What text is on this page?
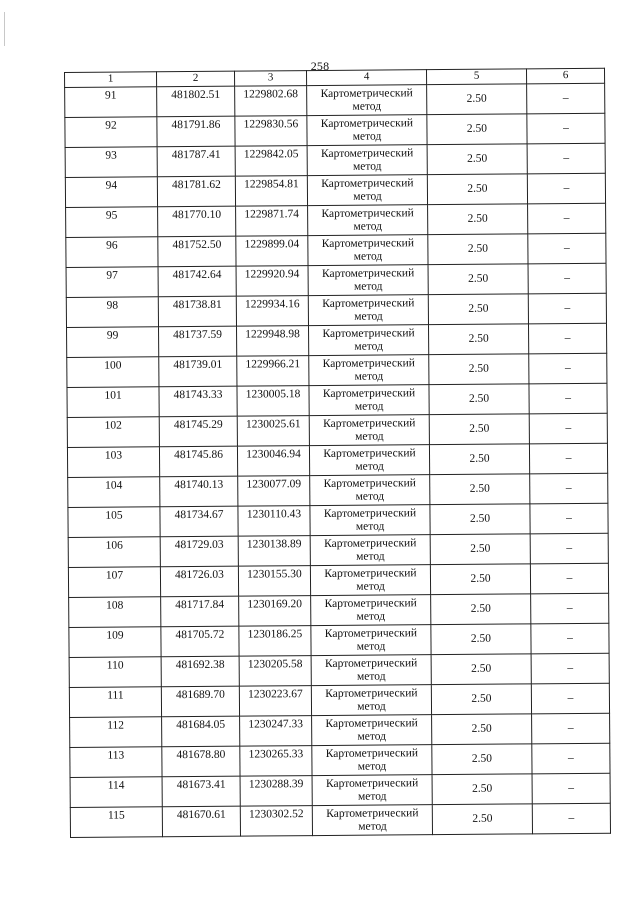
258
1	2	3	4	5	6
91	481802.51	1229802.68	Картометрический метод	2.50	–
92	481791.86	1229830.56	Картометрический метод	2.50	–
93	481787.41	1229842.05	Картометрический метод	2.50	–
94	481781.62	1229854.81	Картометрический метод	2.50	–
95	481770.10	1229871.74	Картометрический метод	2.50	–
96	481752.50	1229899.04	Картометрический метод	2.50	–
97	481742.64	1229920.94	Картометрический метод	2.50	–
98	481738.81	1229934.16	Картометрический метод	2.50	–
99	481737.59	1229948.98	Картометрический метод	2.50	–
100	481739.01	1229966.21	Картометрический метод	2.50	–
101	481743.33	1230005.18	Картометрический метод	2.50	–
102	481745.29	1230025.61	Картометрический метод	2.50	–
103	481745.86	1230046.94	Картометрический метод	2.50	–
104	481740.13	1230077.09	Картометрический метод	2.50	–
105	481734.67	1230110.43	Картометрический метод	2.50	–
106	481729.03	1230138.89	Картометрический метод	2.50	–
107	481726.03	1230155.30	Картометрический метод	2.50	–
108	481717.84	1230169.20	Картометрический метод	2.50	–
109	481705.72	1230186.25	Картометрический метод	2.50	–
110	481692.38	1230205.58	Картометрический метод	2.50	–
111	481689.70	1230223.67	Картометрический метод	2.50	–
112	481684.05	1230247.33	Картометрический метод	2.50	–
113	481678.80	1230265.33	Картометрический метод	2.50	–
114	481673.41	1230288.39	Картометрический метод	2.50	–
115	481670.61	1230302.52	Картометрический метод	2.50	–
